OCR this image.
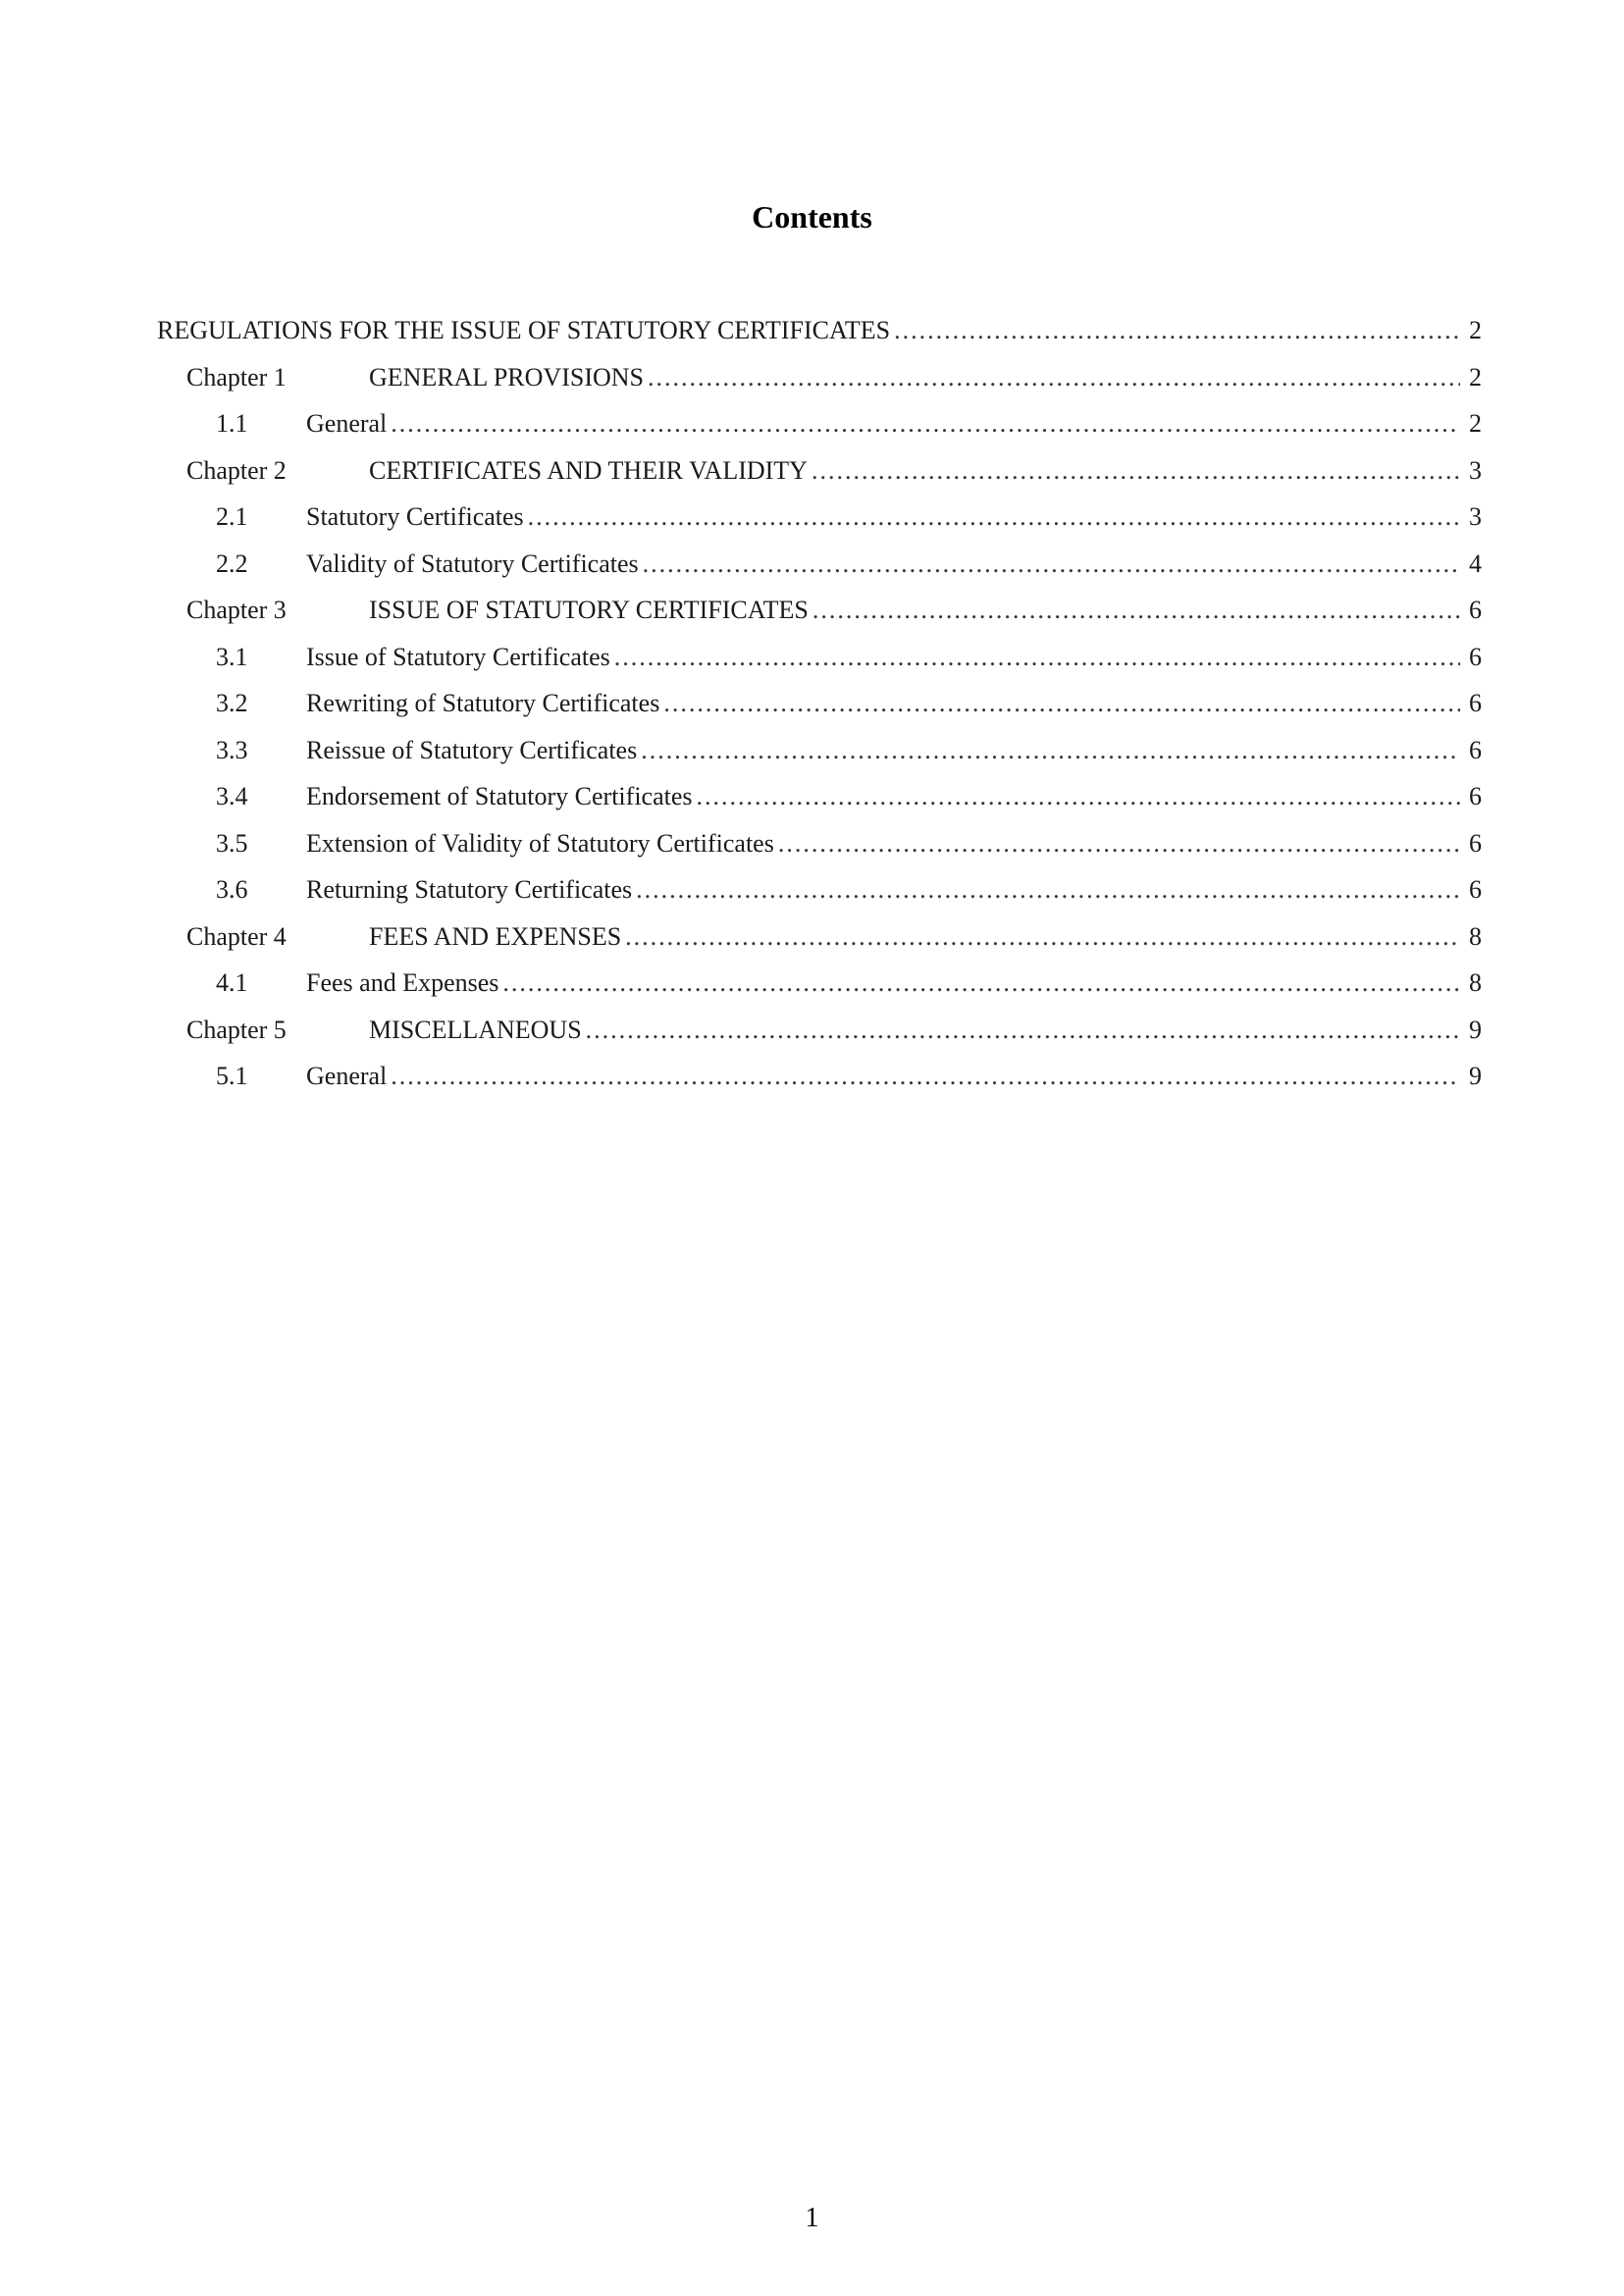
Contents
REGULATIONS FOR THE ISSUE OF STATUTORY CERTIFICATES .....	2
Chapter 1	GENERAL PROVISIONS .....	2
1.1	General .....	2
Chapter 2	CERTIFICATES AND THEIR VALIDITY .....	3
2.1	Statutory Certificates .....	3
2.2	Validity of Statutory Certificates .....	4
Chapter 3	ISSUE OF STATUTORY CERTIFICATES .....	6
3.1	Issue of Statutory Certificates .....	6
3.2	Rewriting of Statutory Certificates .....	6
3.3	Reissue of Statutory Certificates .....	6
3.4	Endorsement of Statutory Certificates .....	6
3.5	Extension of Validity of Statutory Certificates .....	6
3.6	Returning Statutory Certificates .....	6
Chapter 4	FEES AND EXPENSES .....	8
4.1	Fees and Expenses .....	8
Chapter 5	MISCELLANEOUS .....	9
5.1	General .....	9
1
